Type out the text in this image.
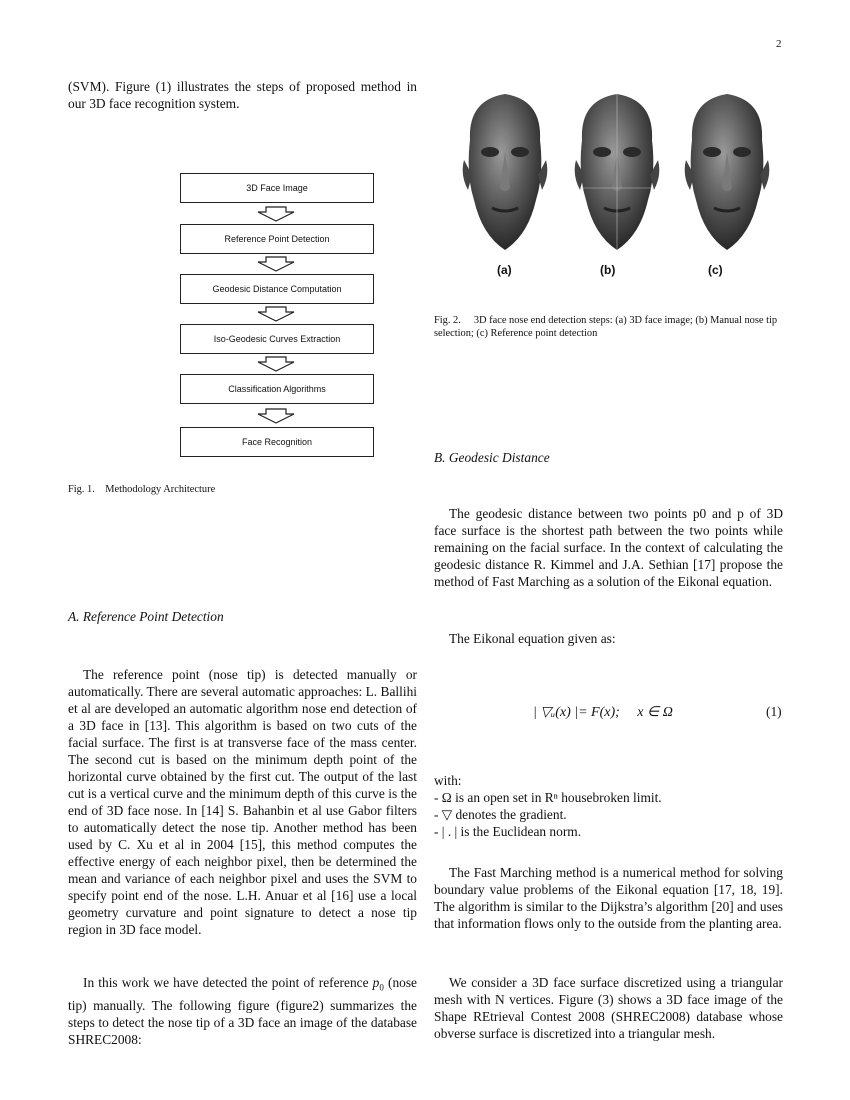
2

(SVM). Figure (1) illustrates the steps of proposed method in our 3D face recognition system.

3D Face Image
Reference Point Detection
Geodesic Distance Computation
Iso-Geodesic Curves Extraction
Classification Algorithms
Face Recognition
Fig. 1. Methodology Architecture
A. Reference Point Detection

The reference point (nose tip) is detected manually or automatically. There are several automatic approaches: L. Ballihi et al are developed an automatic algorithm nose end detection of a 3D face in [13]. This algorithm is based on two cuts of the facial surface. The first is at transverse face of the mass center. The second cut is based on the minimum depth point of the horizontal curve obtained by the first cut. The output of the last cut is a vertical curve and the minimum depth of this curve is the end of 3D face nose. In [14] S. Bahanbin et al use Gabor filters to automatically detect the nose tip. Another method has been used by C. Xu et al in 2004 [15], this method computes the effective energy of each neighbor pixel, then be determined the mean and variance of each neighbor pixel and uses the SVM to specify point end of the nose. L.H. Anuar et al [16] use a local geometry curvature and point signature to detect a nose tip region in 3D face model.

In this work we have detected the point of reference $p_0$ (nose tip) manually. The following figure (figure2) summarizes the steps to detect the nose tip of a 3D face an image of the database SHREC2008:

(a)	(b)	(c)
Fig. 2.  3D face nose end detection steps: (a) 3D face image; (b) Manual nose tip selection; (c) Reference point detection
B. Geodesic Distance

The geodesic distance between two points p0 and p of 3D face surface is the shortest path between the two points while remaining on the facial surface. In the context of calculating the geodesic distance R. Kimmel and J.A. Sethian [17] propose the method of Fast Marching as a solution of the Eikonal equation.

The Eikonal equation given as:

| ▽ᵤ(x) |= F(x);  x ∈ Ω	(1)

with:

- Ω is an open set in Rⁿ housebroken limit.

- ▽ denotes the gradient.

- | . | is the Euclidean norm.

The Fast Marching method is a numerical method for solving boundary value problems of the Eikonal equation [17, 18, 19]. The algorithm is similar to the Dijkstra’s algorithm [20] and uses that information flows only to the outside from the planting area.

We consider a 3D face surface discretized using a triangular mesh with N vertices. Figure (3) shows a 3D face image of the Shape REtrieval Contest 2008 (SHREC2008) database whose obverse surface is discretized into a triangular mesh.
